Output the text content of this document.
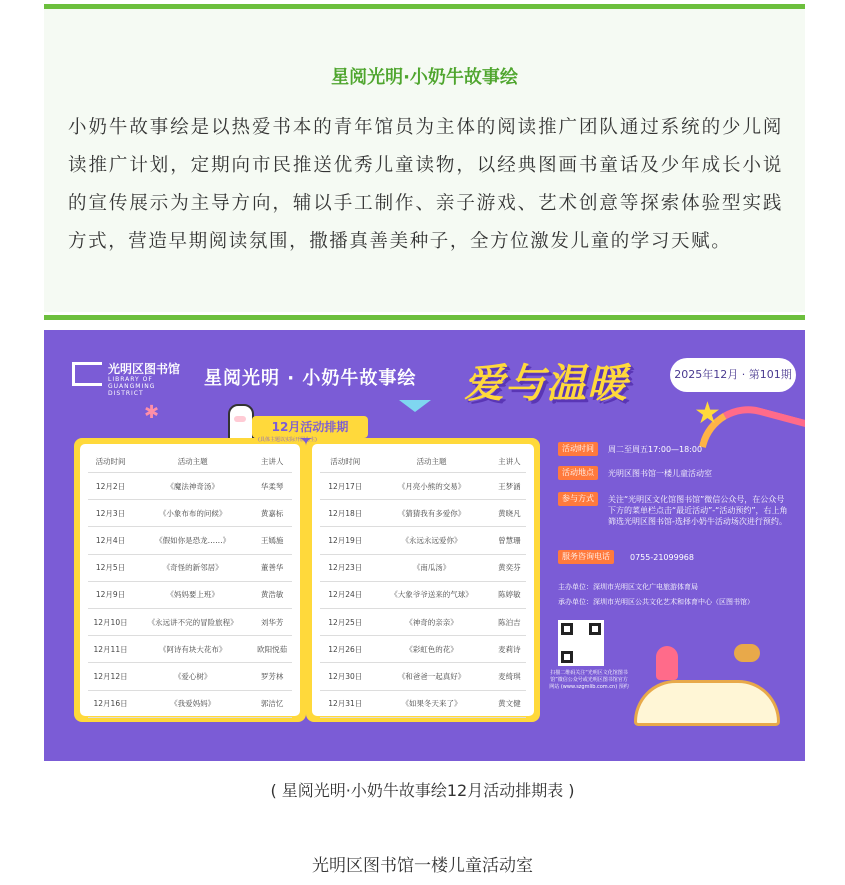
星阅光明·小奶牛故事绘
小奶牛故事绘是以热爱书本的青年馆员为主体的阅读推广团队通过系统的少儿阅读推广计划，定期向市民推送优秀儿童读物，以经典图画书童话及少年成长小说的宣传展示为主导方向，辅以手工制作、亲子游戏、艺术创意等探索体验型实践方式，营造早期阅读氛围，撒播真善美种子，全方位激发儿童的学习天赋。
光明区图书馆
LIBRARY OF GUANGMING DISTRICT
星阅光明 · 小奶牛故事绘 爱与温暖	2025年12月 · 第101期
✱	★
活动时间	活动主题	主讲人
12月2日	《魔法神奇汤》	华柔琴
12月3日	《小象布布的问候》	黄嘉标
12月4日	《假如你是恐龙……》	王嫣施
12月5日	《奇怪的新邻居》	董善华
12月9日	《妈妈要上班》	黄浩敏
12月10日	《永远讲不完的冒险旅程》	刘华芳
12月11日	《阿诗有块大花布》	欧阳悦茹
12月12日	《爱心树》	罗芳林
12月16日	《我爱妈妈》	郭洁忆
活动时间	活动主题	主讲人
12月17日	《月亮小熊的交易》	王梦涵
12月18日	《猜猜我有多爱你》	黄晓凡
12月19日	《永远永远爱你》	曾慧珊
12月23日	《南瓜汤》	黄奕芬
12月24日	《大象爷爷送来的气球》	陈婷敏
12月25日	《神奇的亲亲》	陈泊吉
12月26日	《彩虹色的花》	麦莉诗
12月30日	《和爸爸一起真好》	麦绮琪
12月31日	《如果冬天来了》	黄文健
12月活动排期
(具体主题以实际开展为主)
活动时间	周二至周五17:00—18:00
活动地点	光明区图书馆一楼儿童活动室
参与方式	关注“光明区文化馆图书馆”微信公众号，在公众号下方的菜单栏点击“最近活动”-“活动预约”，右上角筛选光明区图书馆-选择小奶牛活动场次进行预约。
服务咨询电话	0755-21099968
主办单位：深圳市光明区文化广电旅游体育局
承办单位：深圳市光明区公共文化艺术和体育中心（区图书馆）
扫描二维码关注“光明区文化馆图书馆”微信公众号或光明区图书馆官方网站 (www.szgmlib.com.cn) 预约
( 星阅光明·小奶牛故事绘12月活动排期表 )
光明区图书馆一楼儿童活动室
